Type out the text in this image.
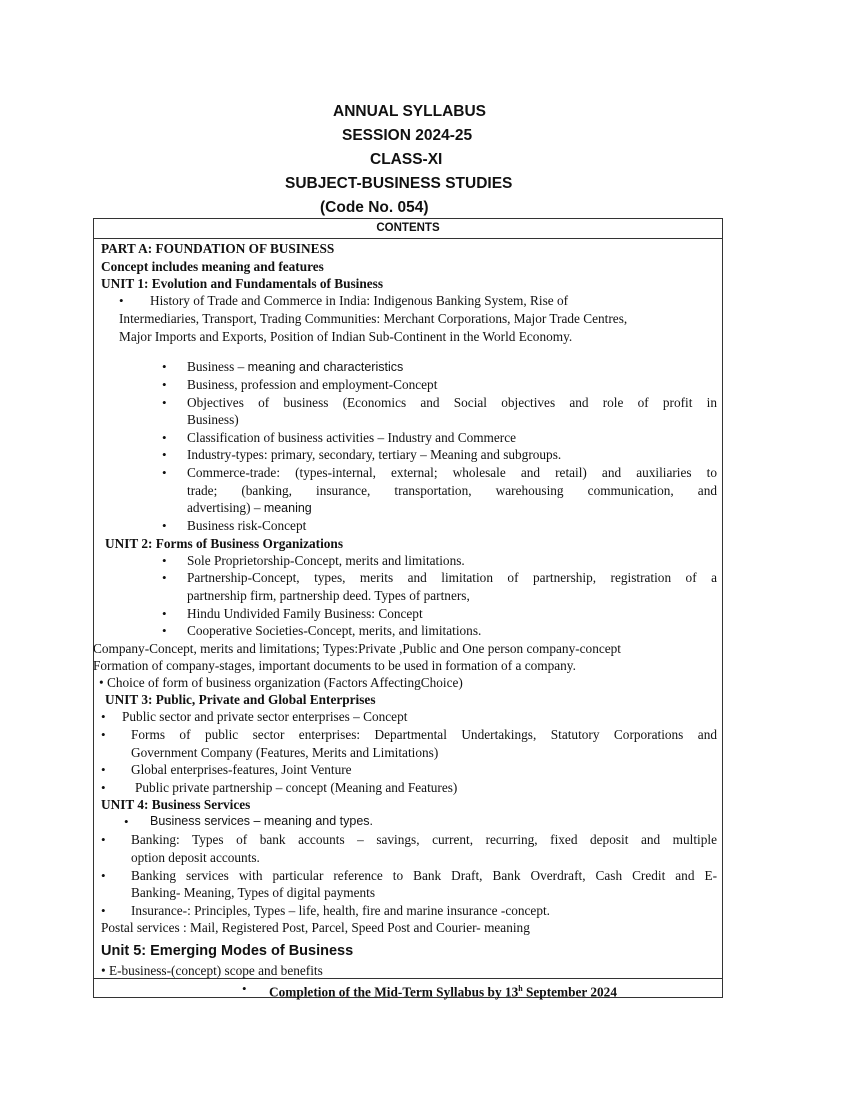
ANNUAL SYLLABUS
SESSION 2024-25
CLASS-XI
SUBJECT-BUSINESS STUDIES
(Code No. 054)
CONTENTS
PART A: FOUNDATION OF BUSINESS
Concept includes meaning and features
UNIT 1: Evolution and Fundamentals of Business
• History of Trade and Commerce in India: Indigenous Banking System, Rise of
Intermediaries, Transport, Trading Communities: Merchant Corporations, Major Trade Centres,
Major Imports and Exports, Position of Indian Sub-Continent in the World Economy.
• Business – meaning and characteristics
• Business, profession and employment-Concept
• Objectives of business (Economics and Social objectives and role of profit in
Business)
• Classification of business activities – Industry and Commerce
• Industry-types: primary, secondary, tertiary – Meaning and subgroups.
• Commerce-trade: (types-internal, external; wholesale and retail) and auxiliaries to
trade; (banking, insurance, transportation, warehousing communication, and
advertising) – meaning
• Business risk-Concept
UNIT 2: Forms of Business Organizations
• Sole Proprietorship-Concept, merits and limitations.
• Partnership-Concept, types, merits and limitation of partnership, registration of a
partnership firm, partnership deed. Types of partners,
• Hindu Undivided Family Business: Concept
• Cooperative Societies-Concept, merits, and limitations.
Company-Concept, merits and limitations; Types:Private ,Public and One person company-concept
Formation of company-stages, important documents to be used in formation of a company.
• Choice of form of business organization (Factors AffectingChoice)
UNIT 3: Public, Private and Global Enterprises
• Public sector and private sector enterprises – Concept
• Forms of public sector enterprises: Departmental Undertakings, Statutory Corporations and
Government Company (Features, Merits and Limitations)
• Global enterprises-features, Joint Venture
• Public private partnership – concept (Meaning and Features)
UNIT 4: Business Services
• Business services – meaning and types.
• Banking: Types of bank accounts – savings, current, recurring, fixed deposit and multiple
option deposit accounts.
• Banking services with particular reference to Bank Draft, Bank Overdraft, Cash Credit and E-
Banking- Meaning, Types of digital payments
• Insurance-: Principles, Types – life, health, fire and marine insurance -concept.
Postal services : Mail, Registered Post, Parcel, Speed Post and Courier- meaning
Unit 5: Emerging Modes of Business
• E-business-(concept) scope and benefits
• Completion of the Mid-Term Syllabus by 13$^h$ September 2024
